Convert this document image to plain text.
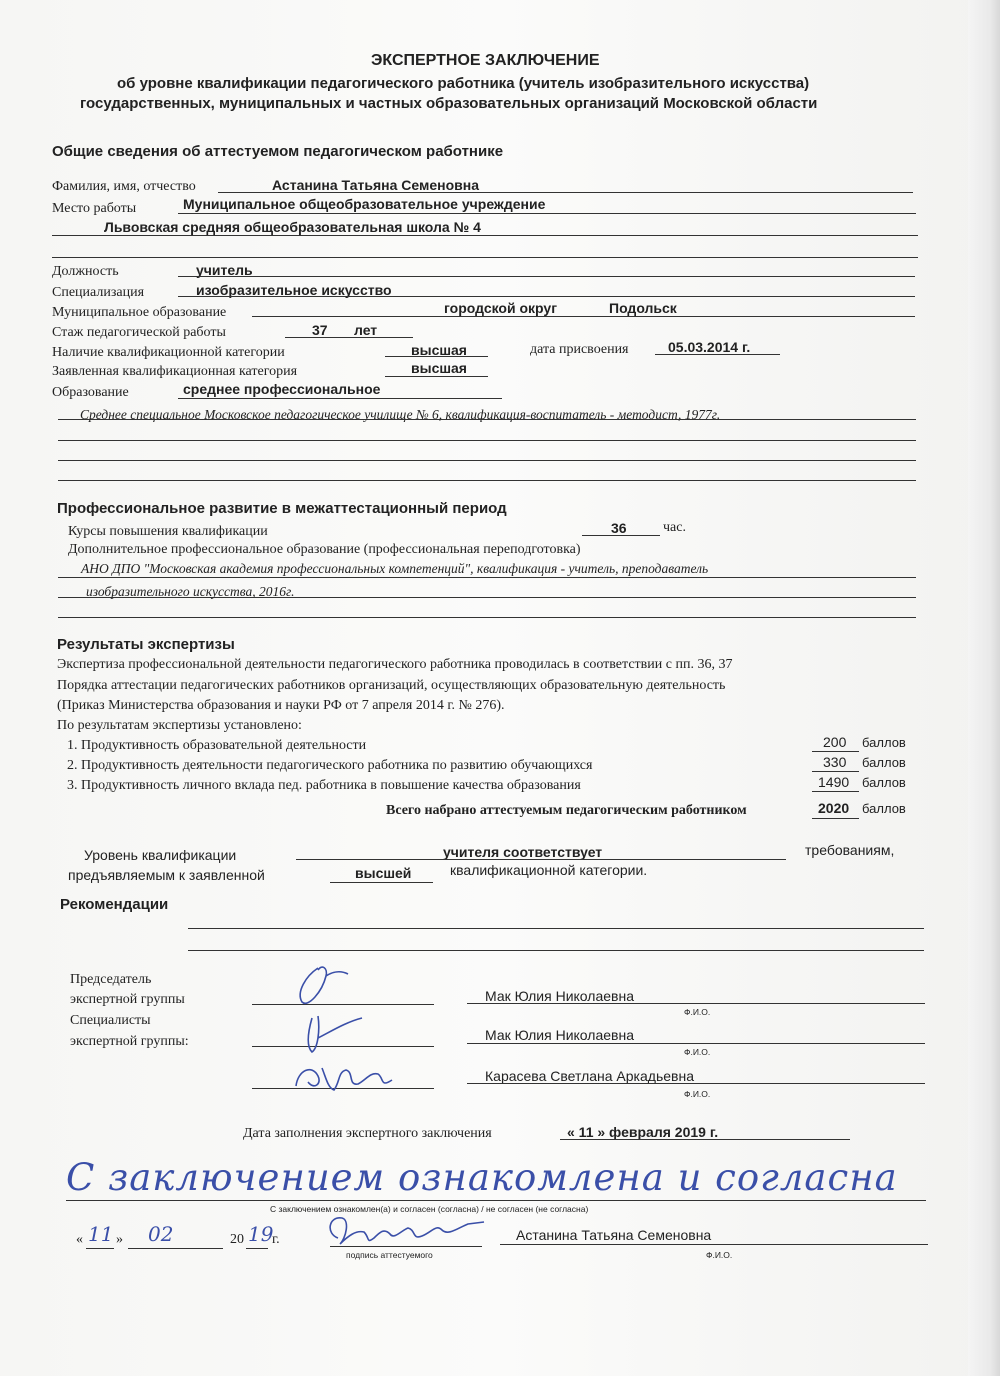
ЭКСПЕРТНОЕ ЗАКЛЮЧЕНИЕ
об уровне квалификации педагогического работника (учитель изобразительного искусства)
государственных, муниципальных и частных образовательных организаций Московской области
Общие сведения об аттестуемом педагогическом работнике
Фамилия, имя, отчество	Астанина Татьяна Семеновна
Место работы	Муниципальное общеобразовательное учреждение
Львовская средняя общеобразовательная школа № 4
Должность	учитель
Специализация	изобразительное искусство
Муниципальное образование	городской округ	Подольск
Стаж педагогической работы	37 лет
Наличие квалификационной категории	высшая	дата присвоения	05.03.2014 г.
Заявленная квалификационная категория	высшая
Образование	среднее профессиональное
Среднее специальное Московское педагогическое училище № 6, квалификация-воспитатель - методист, 1977г.
Профессиональное развитие в межаттестационный период
Курсы повышения квалификации	36	час.
Дополнительное профессиональное образование (профессиональная переподготовка)
АНО ДПО "Московская академия профессиональных компетенций", квалификация - учитель, преподаватель
изобразительного искусства, 2016г.
Результаты экспертизы
Экспертиза профессиональной деятельности педагогического работника проводилась в соответствии с пп. 36, 37
Порядка аттестации педагогических работников организаций, осуществляющих образовательную деятельность
(Приказ Министерства образования и науки РФ от 7 апреля 2014 г. № 276).
По результатам экспертизы установлено:
1. Продуктивность образовательной деятельности	200 баллов
2. Продуктивность деятельности педагогического работника по развитию обучающихся	330 баллов
3. Продуктивность личного вклада пед. работника в повышение качества образования	1490 баллов
Всего набрано аттестуемым педагогическим работником	2020 баллов
Уровень квалификации	учителя соответствует	требованиям,
предъявляемым к заявленной	высшей	квалификационной категории.
Рекомендации
Председатель
экспертной группы	Мак Юлия Николаевна
Ф.И.О.
Специалисты
экспертной группы:	Мак Юлия Николаевна
Ф.И.О.
Карасева Светлана Аркадьевна
Ф.И.О.
Дата заполнения экспертного заключения	« 11 » февраля 2019 г.
С заключением ознакомлена и согласна
С заключением ознакомлен(а) и согласен (согласна) / не согласен (не согласна)
« 11 » 02	20 19
г.
подпись аттестуемого
Астанина Татьяна Семеновна
Ф.И.О.
